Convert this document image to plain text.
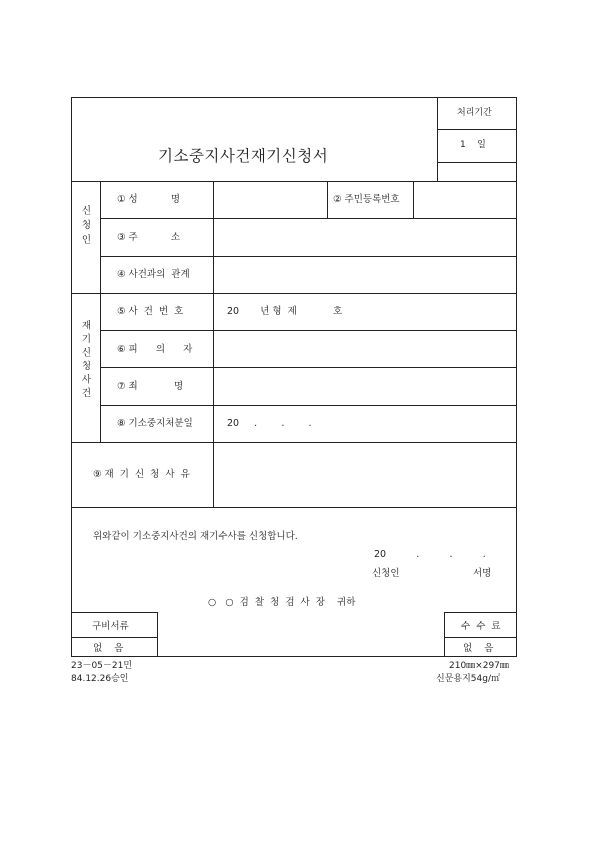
기소중지사건재기신청서
처리기간
1    일
신청인
① 성           명	② 주민등록번호
③ 주           소
④ 사건과의  관계
재기신청사건
⑤ 사  건  번  호	20       년 형  제            호
⑥ 피      의      자
⑦ 죄            명
⑧ 기소중지처분일	20     .        .        .
⑨ 재  기  신  청  사  유
위와같이 기소중지사건의 재기수사를 신청합니다.
20          .          .          .
신청인	서명
○   ○  검  찰  청  검  사  장    귀하
구비서류
없    음
수  수  료
없    음
23－05－21민
84.12.26승인
210㎜×297㎜
신문용지54g/㎡
